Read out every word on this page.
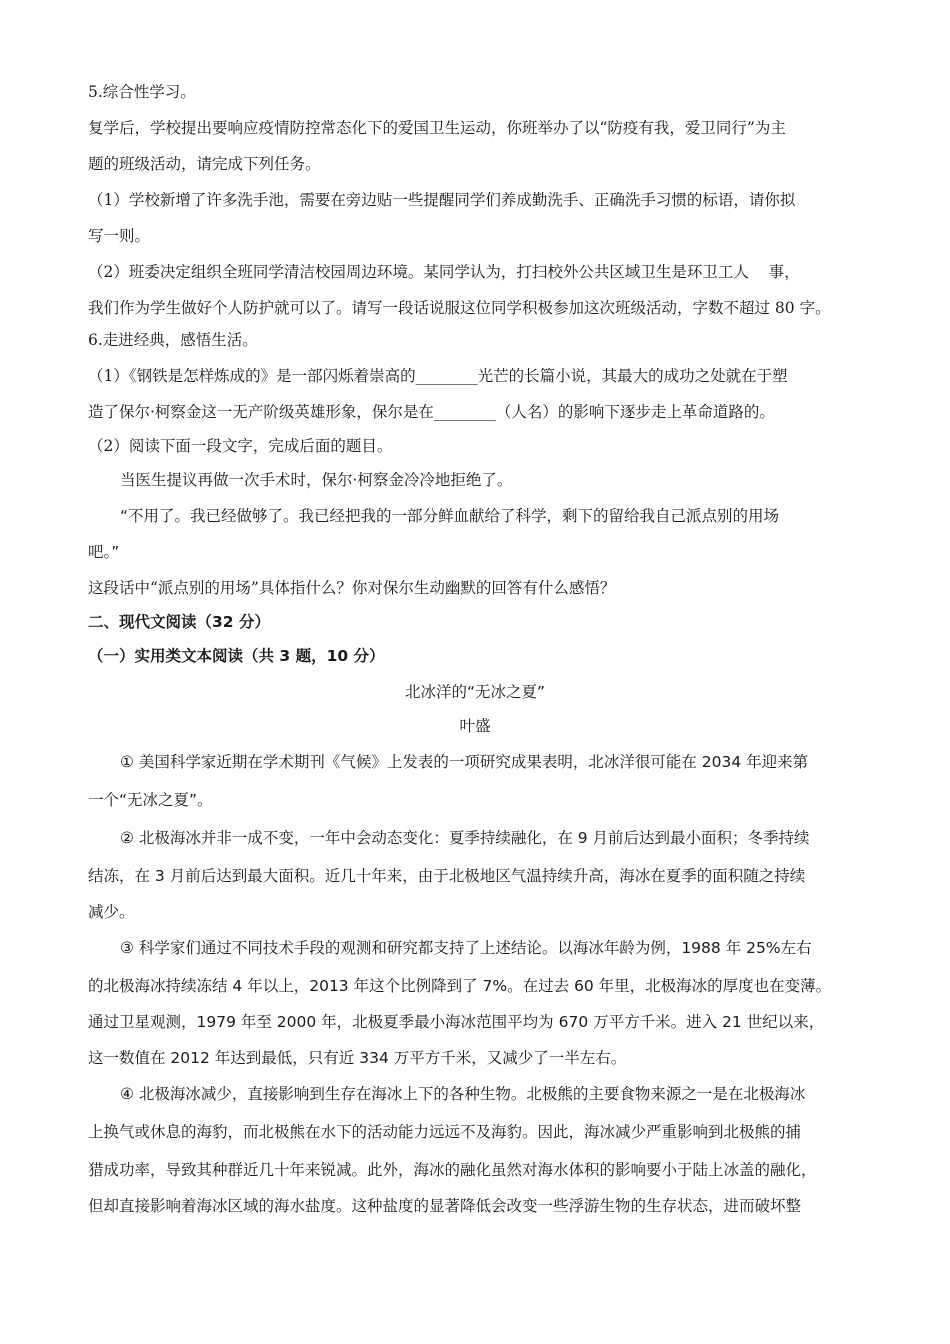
5.综合性学习。
复学后，学校提出要响应疫情防控常态化下的爱国卫生运动，你班举办了以“防疫有我，爱卫同行”为主
题的班级活动，请完成下列任务。
（1）学校新增了许多洗手池，需要在旁边贴一些提醒同学们养成勤洗手、正确洗手习惯的标语，请你拟
写一则。
（2）班委决定组织全班同学清洁校园周边环境。某同学认为，打扫校外公共区域卫生是环卫工人    事，
我们作为学生做好个人防护就可以了。请写一段话说服这位同学积极参加这次班级活动，字数不超过 80 字。
6.走进经典，感悟生活。
（1）《钢铁是怎样炼成的》是一部闪烁着崇高的________光芒的长篇小说，其最大的成功之处就在于塑
造了保尔·柯察金这一无产阶级英雄形象，保尔是在________（人名）的影响下逐步走上革命道路的。
（2）阅读下面一段文字，完成后面的题目。
当医生提议再做一次手术时，保尔·柯察金冷冷地拒绝了。
“不用了。我已经做够了。我已经把我的一部分鲜血献给了科学，剩下的留给我自己派点别的用场
吧。”
这段话中“派点别的用场”具体指什么？你对保尔生动幽默的回答有什么感悟？
二、现代文阅读（32 分）
（一）实用类文本阅读（共 3 题，10 分）
北冰洋的“无冰之夏”
叶盛
① 美国科学家近期在学术期刊《气候》上发表的一项研究成果表明，北冰洋很可能在 2034 年迎来第
一个“无冰之夏”。
② 北极海冰并非一成不变，一年中会动态变化：夏季持续融化，在 9 月前后达到最小面积；冬季持续
结冻，在 3 月前后达到最大面积。近几十年来，由于北极地区气温持续升高，海冰在夏季的面积随之持续
减少。
③ 科学家们通过不同技术手段的观测和研究都支持了上述结论。以海冰年龄为例，1988 年 25%左右
的北极海冰持续冻结 4 年以上，2013 年这个比例降到了 7%。在过去 60 年里，北极海冰的厚度也在变薄。
通过卫星观测，1979 年至 2000 年，北极夏季最小海冰范围平均为 670 万平方千米。进入 21 世纪以来，
这一数值在 2012 年达到最低，只有近 334 万平方千米，又减少了一半左右。
④ 北极海冰减少，直接影响到生存在海冰上下的各种生物。北极熊的主要食物来源之一是在北极海冰
上换气或休息的海豹，而北极熊在水下的活动能力远远不及海豹。因此，海冰减少严重影响到北极熊的捕
猎成功率，导致其种群近几十年来锐减。此外，海冰的融化虽然对海水体积的影响要小于陆上冰盖的融化，
但却直接影响着海冰区域的海水盐度。这种盐度的显著降低会改变一些浮游生物的生存状态，进而破坏整
